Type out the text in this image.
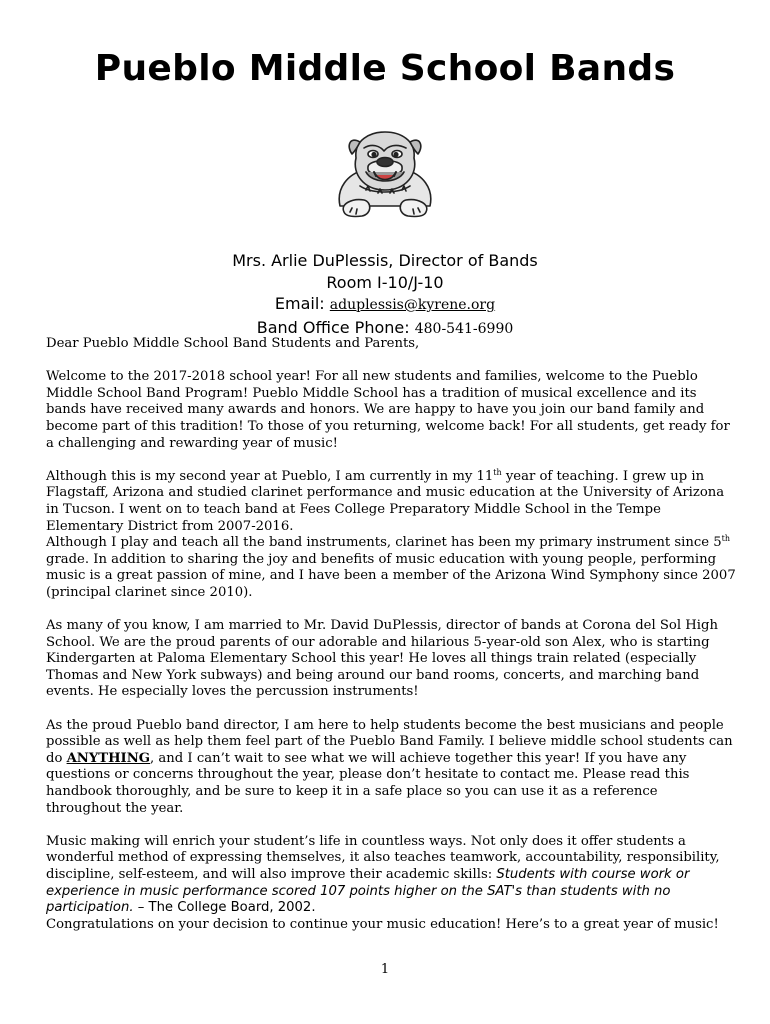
Pueblo Middle School Bands
Mrs. Arlie DuPlessis, Director of Bands
Room I-10/J-10
Email: aduplessis@kyrene.org
Band Office Phone: 480-541-6990

Dear Pueblo Middle School Band Students and Parents,

Welcome to the 2017-2018 school year! For all new students and families, welcome to the Pueblo Middle School Band Program! Pueblo Middle School has a tradition of musical excellence and its bands have received many awards and honors. We are happy to have you join our band family and become part of this tradition! To those of you returning, welcome back! For all students, get ready for a challenging and rewarding year of music!

Although this is my second year at Pueblo, I am currently in my 11th year of teaching. I grew up in Flagstaff, Arizona and studied clarinet performance and music education at the University of Arizona in Tucson. I went on to teach band at Fees College Preparatory Middle School in the Tempe Elementary District from 2007-2016.

Although I play and teach all the band instruments, clarinet has been my primary instrument since 5th grade. In addition to sharing the joy and benefits of music education with young people, performing music is a great passion of mine, and I have been a member of the Arizona Wind Symphony since 2007 (principal clarinet since 2010).

As many of you know, I am married to Mr. David DuPlessis, director of bands at Corona del Sol High School. We are the proud parents of our adorable and hilarious 5-year-old son Alex, who is starting Kindergarten at Paloma Elementary School this year! He loves all things train related (especially Thomas and New York subways) and being around our band rooms, concerts, and marching band events. He especially loves the percussion instruments!

As the proud Pueblo band director, I am here to help students become the best musicians and people possible as well as help them feel part of the Pueblo Band Family. I believe middle school students can do ANYTHING, and I can’t wait to see what we will achieve together this year! If you have any questions or concerns throughout the year, please don’t hesitate to contact me. Please read this handbook thoroughly, and be sure to keep it in a safe place so you can use it as a reference throughout the year.

Music making will enrich your student’s life in countless ways. Not only does it offer students a wonderful method of expressing themselves, it also teaches teamwork, accountability, responsibility, discipline, self-esteem, and will also improve their academic skills: Students with course work or experience in music performance scored 107 points higher on the SAT's than students with no participation. – The College Board, 2002.

Congratulations on your decision to continue your music education! Here’s to a great year of music!

1
